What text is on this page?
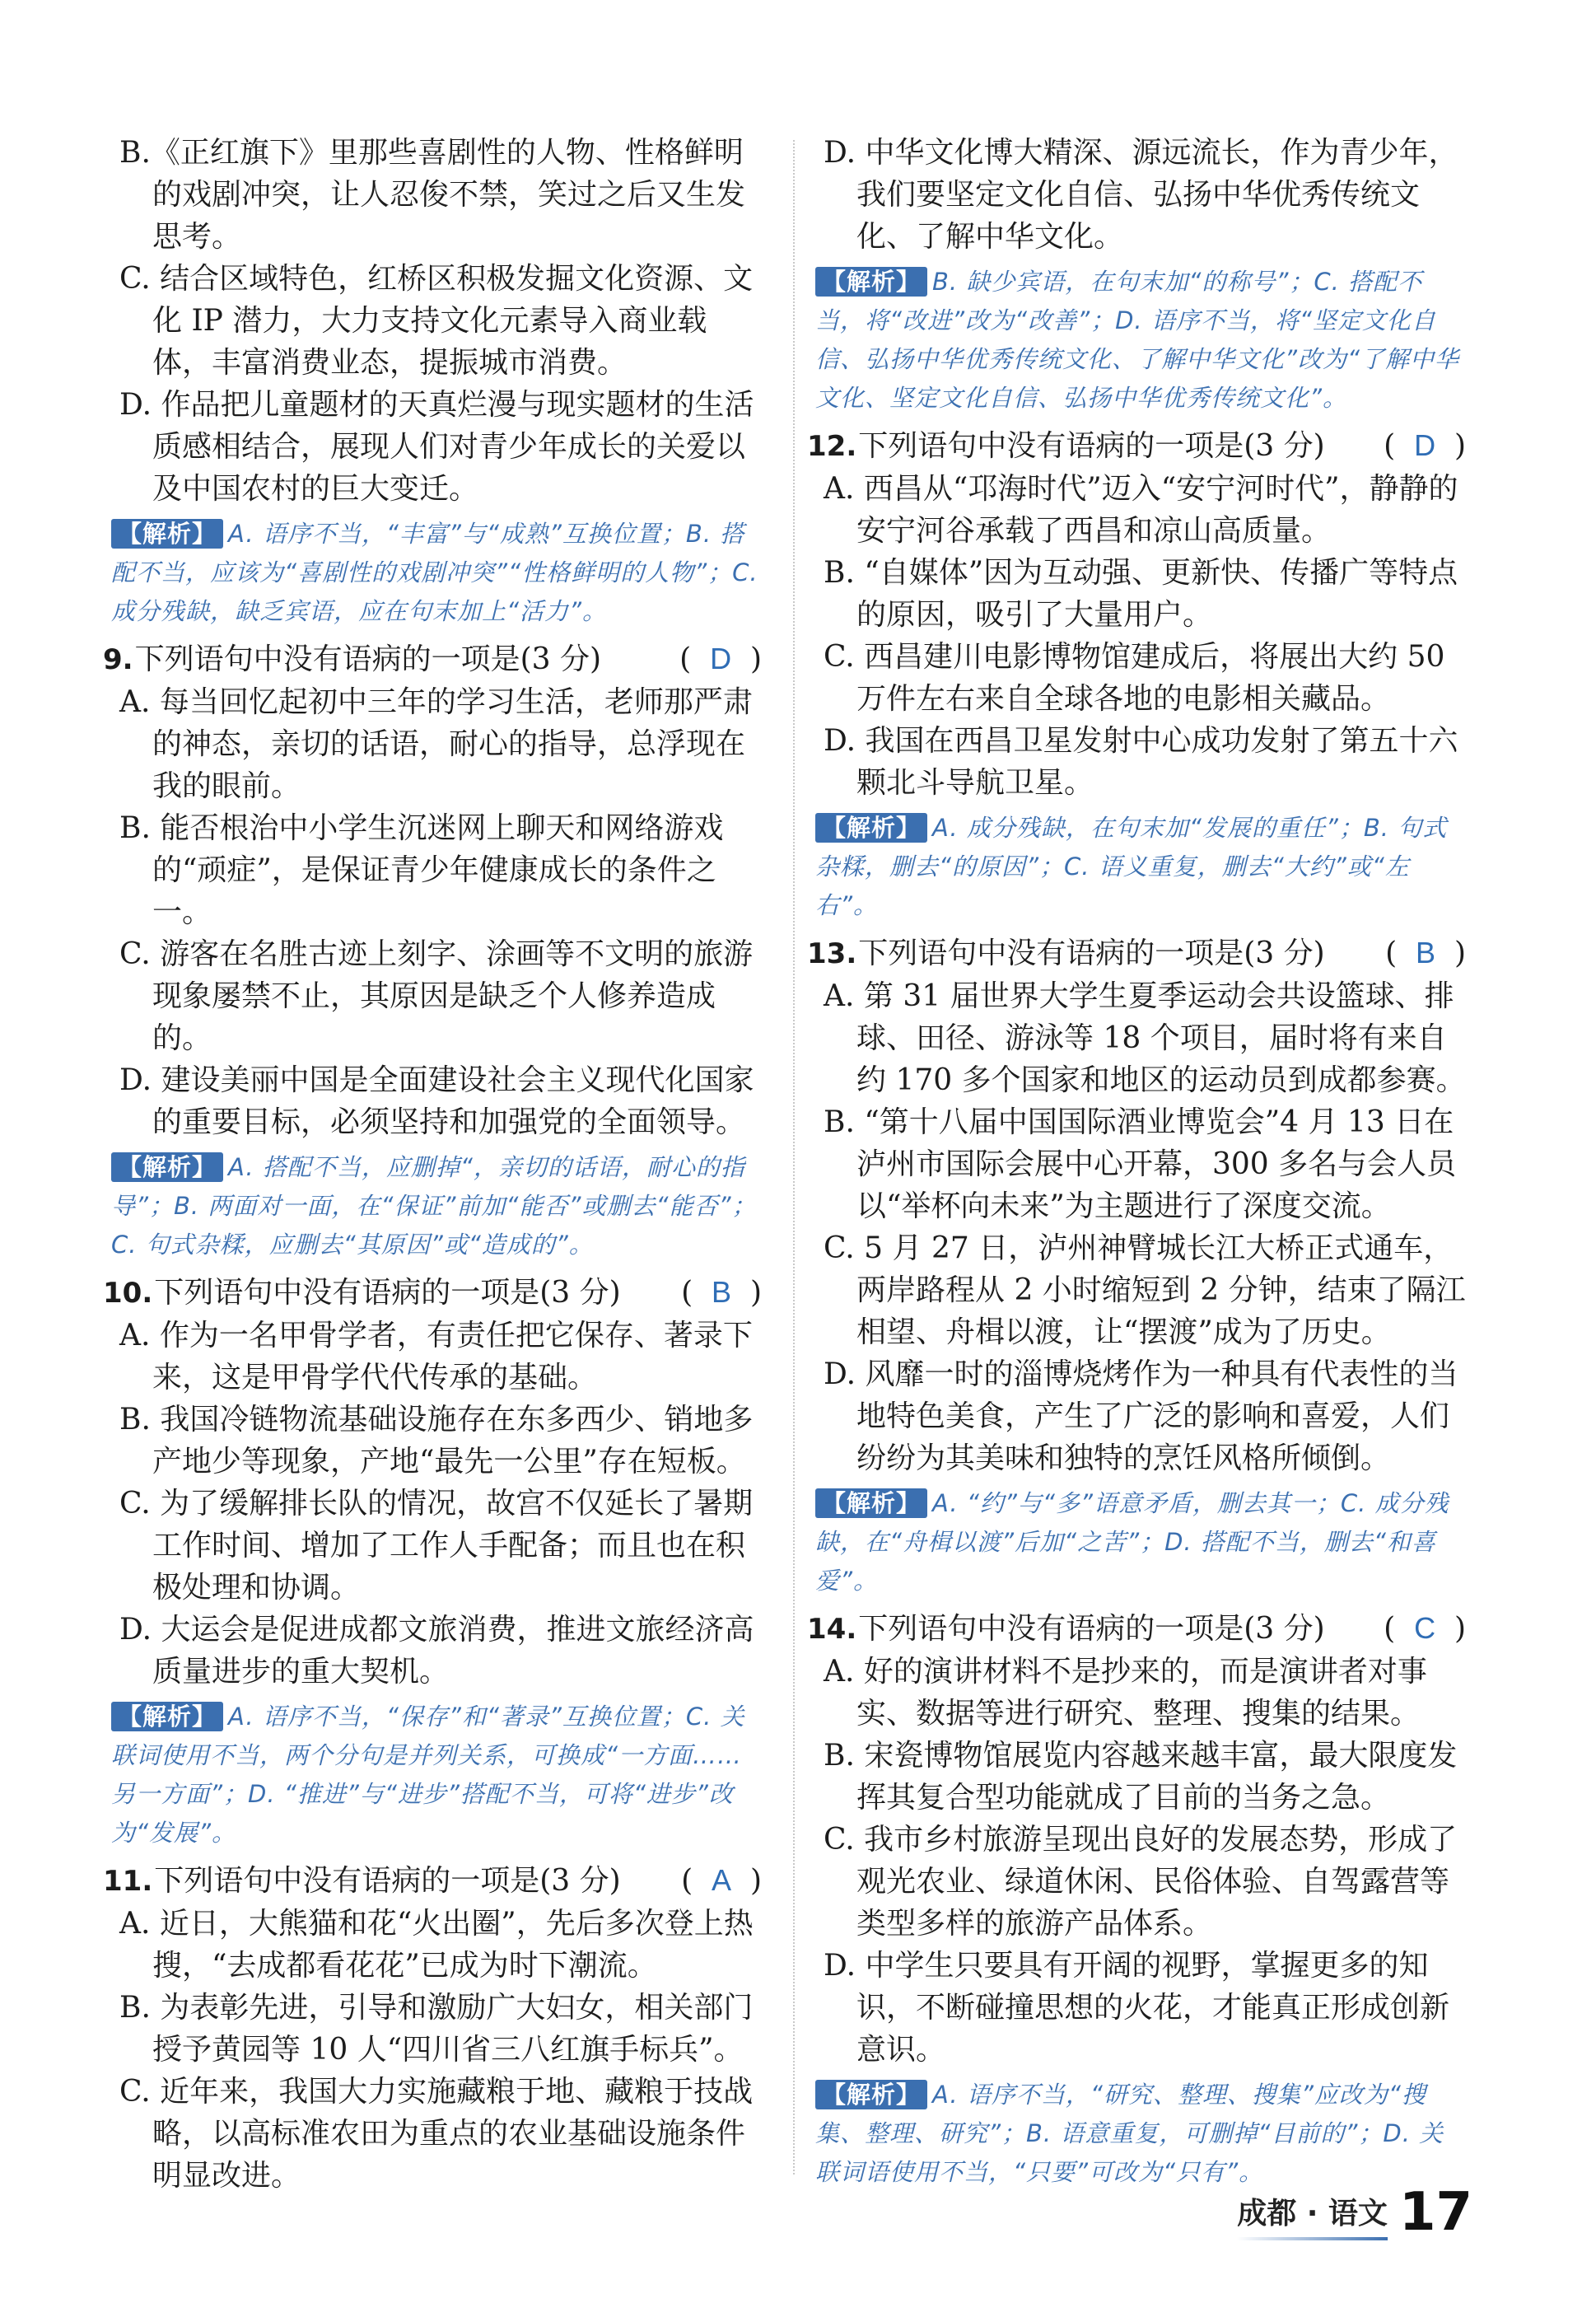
B.《正红旗下》里那些喜剧性的人物、性格鲜明的戏剧冲突，让人忍俊不禁，笑过之后又生发思考。
C. 结合区域特色，红桥区积极发掘文化资源、文化 IP 潜力，大力支持文化元素导入商业载体，丰富消费业态，提振城市消费。
D. 作品把儿童题材的天真烂漫与现实题材的生活质感相结合，展现人们对青少年成长的关爱以及中国农村的巨大变迁。
【解析】 A. 语序不当，“丰富”与“成熟”互换位置；B. 搭配不当，应该为“喜剧性的戏剧冲突”“性格鲜明的人物”；C. 成分残缺，缺乏宾语，应在句末加上“活力”。
9. 下列语句中没有语病的一项是(3 分)	(  D  )
A. 每当回忆起初中三年的学习生活，老师那严肃的神态，亲切的话语，耐心的指导，总浮现在我的眼前。
B. 能否根治中小学生沉迷网上聊天和网络游戏的“顽症”，是保证青少年健康成长的条件之一。
C. 游客在名胜古迹上刻字、涂画等不文明的旅游现象屡禁不止，其原因是缺乏个人修养造成的。
D. 建设美丽中国是全面建设社会主义现代化国家的重要目标，必须坚持和加强党的全面领导。
【解析】 A. 搭配不当，应删掉“，亲切的话语，耐心的指导”；B. 两面对一面，在“保证”前加“能否”或删去“能否”；C. 句式杂糅，应删去“其原因”或“造成的”。
10. 下列语句中没有语病的一项是(3 分)	(  B  )
A. 作为一名甲骨学者，有责任把它保存、著录下来，这是甲骨学代代传承的基础。
B. 我国冷链物流基础设施存在东多西少、销地多产地少等现象，产地“最先一公里”存在短板。
C. 为了缓解排长队的情况，故宫不仅延长了暑期工作时间、增加了工作人手配备；而且也在积极处理和协调。
D. 大运会是促进成都文旅消费，推进文旅经济高质量进步的重大契机。
【解析】 A. 语序不当，“保存”和“著录”互换位置；C. 关联词使用不当，两个分句是并列关系，可换成“一方面……另一方面”；D. “推进”与“进步”搭配不当，可将“进步”改为“发展”。
11. 下列语句中没有语病的一项是(3 分)	(  A  )
A. 近日，大熊猫和花“火出圈”，先后多次登上热搜，“去成都看花花”已成为时下潮流。
B. 为表彰先进，引导和激励广大妇女，相关部门授予黄园等 10 人“四川省三八红旗手标兵”。
C. 近年来，我国大力实施藏粮于地、藏粮于技战略，以高标准农田为重点的农业基础设施条件明显改进。
D. 中华文化博大精深、源远流长，作为青少年，我们要坚定文化自信、弘扬中华优秀传统文化、了解中华文化。
【解析】 B. 缺少宾语，在句末加“的称号”；C. 搭配不当，将“改进”改为“改善”；D. 语序不当，将“坚定文化自信、弘扬中华优秀传统文化、了解中华文化”改为“了解中华文化、坚定文化自信、弘扬中华优秀传统文化”。
12. 下列语句中没有语病的一项是(3 分)	(  D  )
A. 西昌从“邛海时代”迈入“安宁河时代”，静静的安宁河谷承载了西昌和凉山高质量。
B. “自媒体”因为互动强、更新快、传播广等特点的原因，吸引了大量用户。
C. 西昌建川电影博物馆建成后，将展出大约 50 万件左右来自全球各地的电影相关藏品。
D. 我国在西昌卫星发射中心成功发射了第五十六颗北斗导航卫星。
【解析】 A. 成分残缺，在句末加“发展的重任”；B. 句式杂糅，删去“的原因”；C. 语义重复，删去“大约”或“左右”。
13. 下列语句中没有语病的一项是(3 分)	(  B  )
A. 第 31 届世界大学生夏季运动会共设篮球、排球、田径、游泳等 18 个项目，届时将有来自约 170 多个国家和地区的运动员到成都参赛。
B. “第十八届中国国际酒业博览会”4 月 13 日在泸州市国际会展中心开幕，300 多名与会人员以“举杯向未来”为主题进行了深度交流。
C. 5 月 27 日，泸州神臂城长江大桥正式通车，两岸路程从 2 小时缩短到 2 分钟，结束了隔江相望、舟楫以渡，让“摆渡”成为了历史。
D. 风靡一时的淄博烧烤作为一种具有代表性的当地特色美食，产生了广泛的影响和喜爱，人们纷纷为其美味和独特的烹饪风格所倾倒。
【解析】 A. “约”与“多”语意矛盾，删去其一；C. 成分残缺，在“舟楫以渡”后加“之苦”；D. 搭配不当，删去“和喜爱”。
14. 下列语句中没有语病的一项是(3 分)	(  C  )
A. 好的演讲材料不是抄来的，而是演讲者对事实、数据等进行研究、整理、搜集的结果。
B. 宋瓷博物馆展览内容越来越丰富，最大限度发挥其复合型功能就成了目前的当务之急。
C. 我市乡村旅游呈现出良好的发展态势，形成了观光农业、绿道休闲、民俗体验、自驾露营等类型多样的旅游产品体系。
D. 中学生只要具有开阔的视野，掌握更多的知识，不断碰撞思想的火花，才能真正形成创新意识。
【解析】 A. 语序不当，“研究、整理、搜集”应改为“搜集、整理、研究”；B. 语意重复，可删掉“目前的”；D. 关联词语使用不当，“只要”可改为“只有”。
成都 · 语文 17
